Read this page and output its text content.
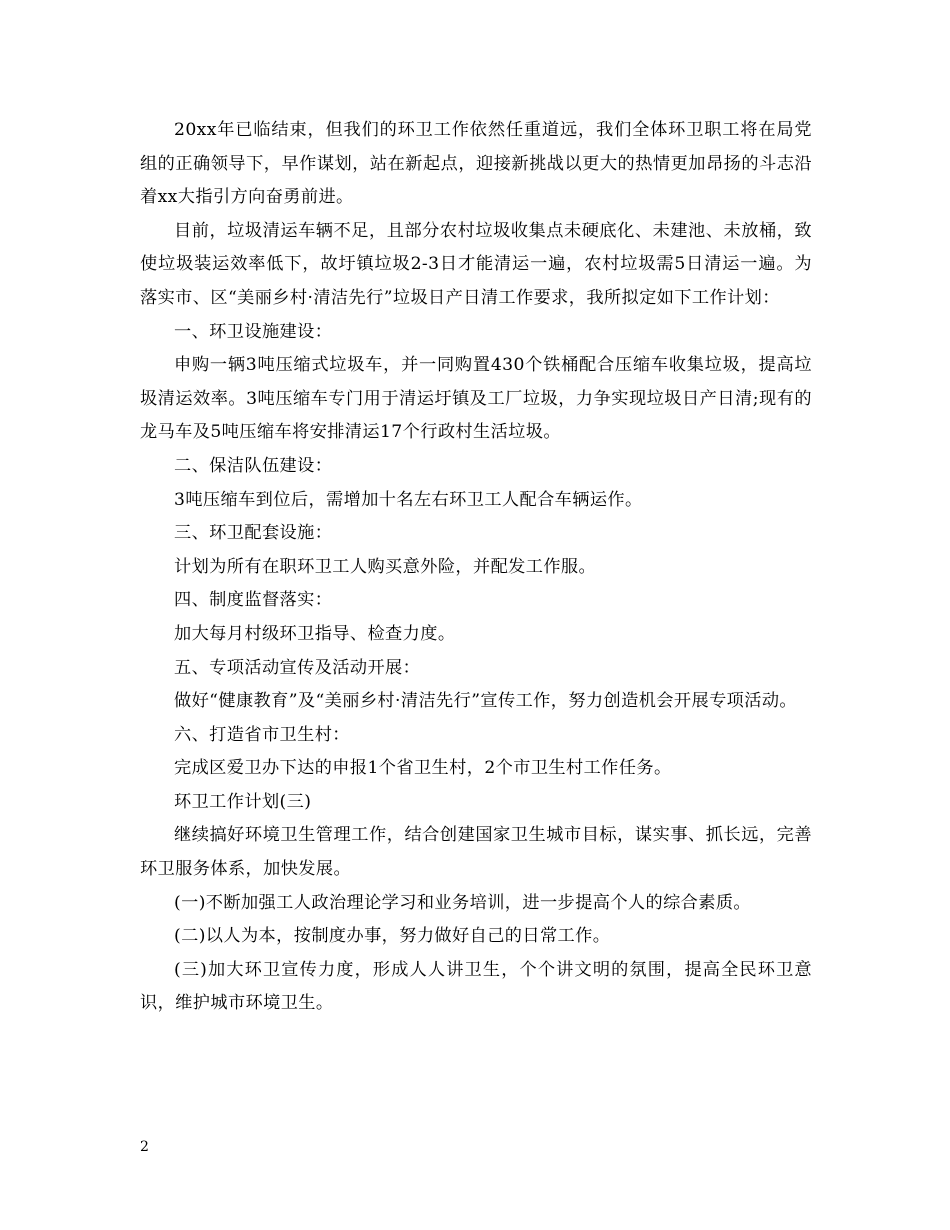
20xx年已临结束，但我们的环卫工作依然任重道远，我们全体环卫职工将在局党组的正确领导下，早作谋划，站在新起点，迎接新挑战以更大的热情更加昂扬的斗志沿着xx大指引方向奋勇前进。

目前，垃圾清运车辆不足，且部分农村垃圾收集点未硬底化、未建池、未放桶，致使垃圾装运效率低下，故圩镇垃圾2-3日才能清运一遍，农村垃圾需5日清运一遍。为落实市、区“美丽乡村·清洁先行”垃圾日产日清工作要求，我所拟定如下工作计划：

一、环卫设施建设：

申购一辆3吨压缩式垃圾车，并一同购置430个铁桶配合压缩车收集垃圾，提高垃圾清运效率。3吨压缩车专门用于清运圩镇及工厂垃圾，力争实现垃圾日产日清;现有的龙马车及5吨压缩车将安排清运17个行政村生活垃圾。

二、保洁队伍建设：

3吨压缩车到位后，需增加十名左右环卫工人配合车辆运作。

三、环卫配套设施：

计划为所有在职环卫工人购买意外险，并配发工作服。

四、制度监督落实：

加大每月村级环卫指导、检查力度。

五、专项活动宣传及活动开展：

做好“健康教育”及“美丽乡村·清洁先行”宣传工作，努力创造机会开展专项活动。

六、打造省市卫生村：

完成区爱卫办下达的申报1个省卫生村，2个市卫生村工作任务。

环卫工作计划(三)

继续搞好环境卫生管理工作，结合创建国家卫生城市目标，谋实事、抓长远，完善环卫服务体系，加快发展。

(一)不断加强工人政治理论学习和业务培训，进一步提高个人的综合素质。

(二)以人为本，按制度办事，努力做好自己的日常工作。

(三)加大环卫宣传力度，形成人人讲卫生，个个讲文明的氛围，提高全民环卫意识，维护城市环境卫生。

2
